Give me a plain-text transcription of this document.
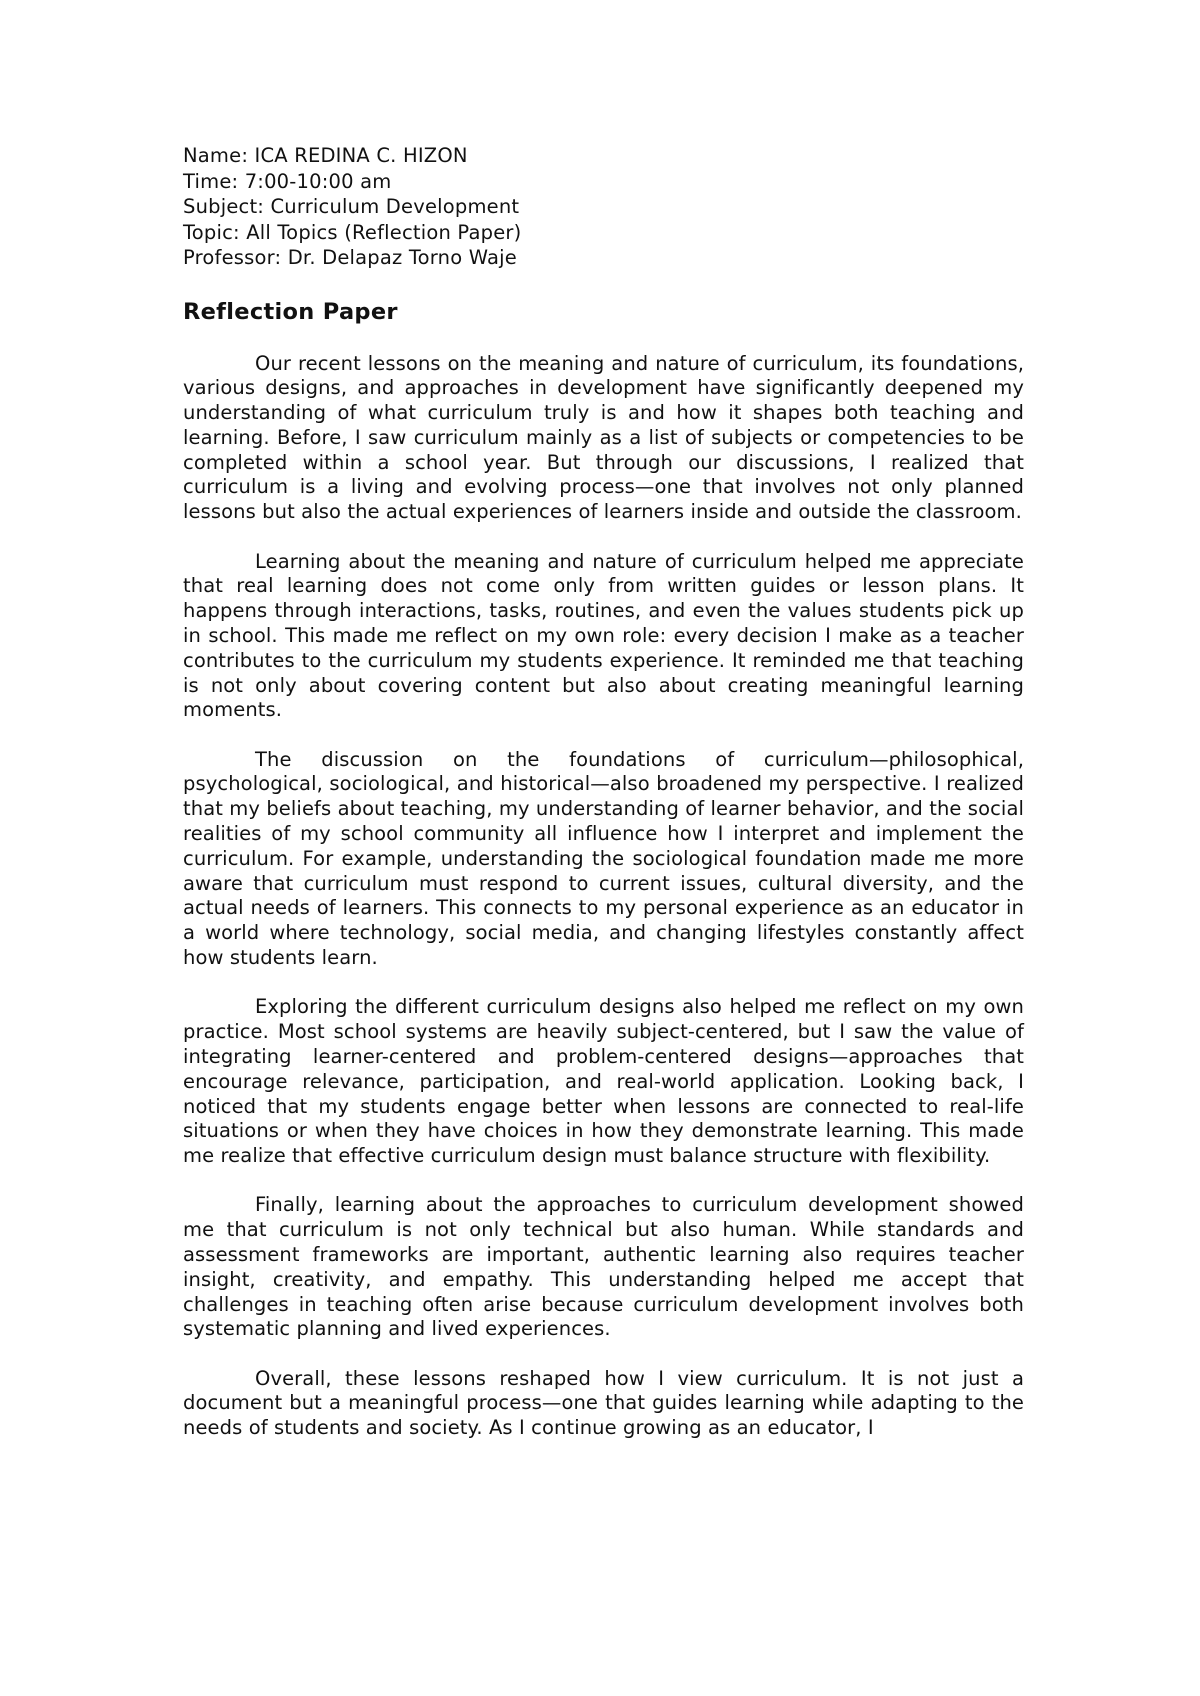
Name: ICA REDINA C. HIZON
Time: 7:00-10:00 am
Subject: Curriculum Development
Topic: All Topics (Reflection Paper)
Professor: Dr. Delapaz Torno Waje
Reflection Paper

Our recent lessons on the meaning and nature of curriculum, its foundations, various designs, and approaches in development have significantly deepened my understanding of what curriculum truly is and how it shapes both teaching and learning. Before, I saw curriculum mainly as a list of subjects or competencies to be completed within a school year. But through our discussions, I realized that curriculum is a living and evolving process—one that involves not only planned lessons but also the actual experiences of learners inside and outside the classroom.

Learning about the meaning and nature of curriculum helped me appreciate that real learning does not come only from written guides or lesson plans. It happens through interactions, tasks, routines, and even the values students pick up in school. This made me reflect on my own role: every decision I make as a teacher contributes to the curriculum my students experience. It reminded me that teaching is not only about covering content but also about creating meaningful learning moments.

The discussion on the foundations of curriculum—philosophical, psychological, sociological, and historical—also broadened my perspective. I realized that my beliefs about teaching, my understanding of learner behavior, and the social realities of my school community all influence how I interpret and implement the curriculum. For example, understanding the sociological foundation made me more aware that curriculum must respond to current issues, cultural diversity, and the actual needs of learners. This connects to my personal experience as an educator in a world where technology, social media, and changing lifestyles constantly affect how students learn.

Exploring the different curriculum designs also helped me reflect on my own practice. Most school systems are heavily subject-centered, but I saw the value of integrating learner-centered and problem-centered designs—approaches that encourage relevance, participation, and real-world application. Looking back, I noticed that my students engage better when lessons are connected to real-life situations or when they have choices in how they demonstrate learning. This made me realize that effective curriculum design must balance structure with flexibility.

Finally, learning about the approaches to curriculum development showed me that curriculum is not only technical but also human. While standards and assessment frameworks are important, authentic learning also requires teacher insight, creativity, and empathy. This understanding helped me accept that challenges in teaching often arise because curriculum development involves both systematic planning and lived experiences.

Overall, these lessons reshaped how I view curriculum. It is not just a document but a meaningful process—one that guides learning while adapting to the needs of students and society. As I continue growing as an educator, I
